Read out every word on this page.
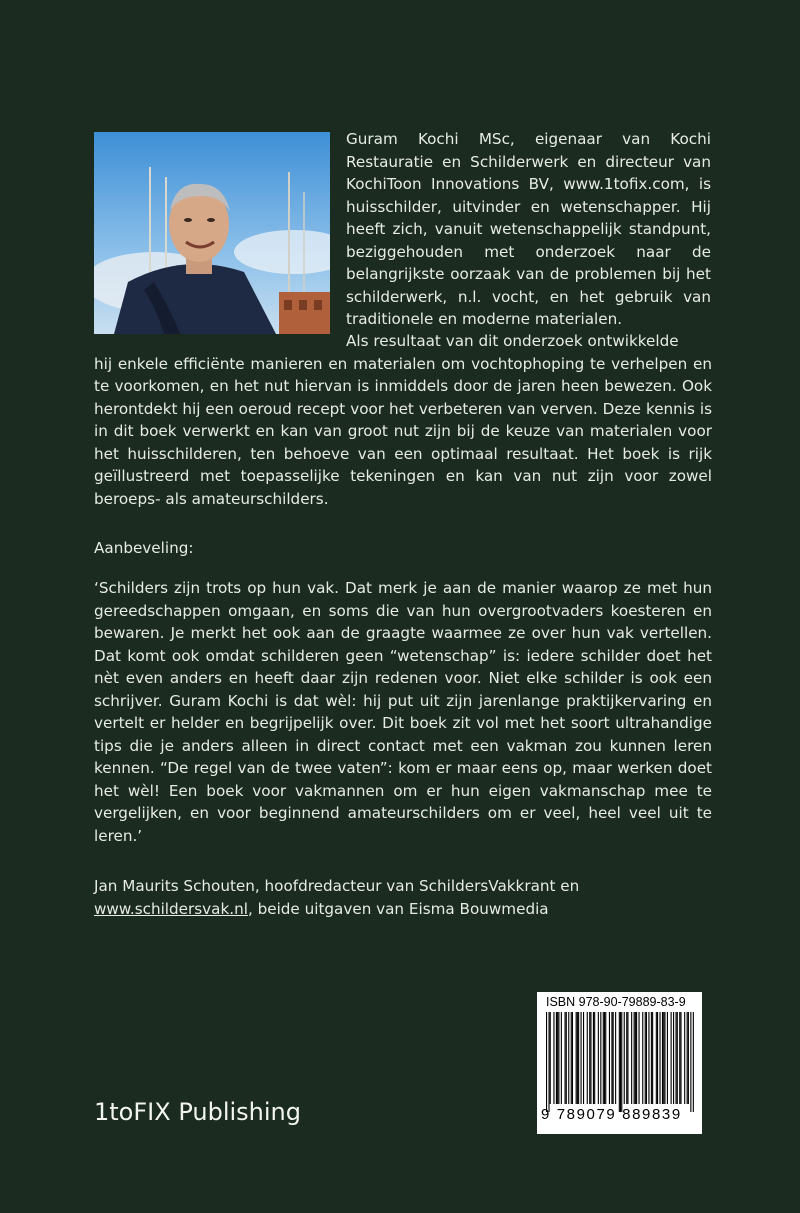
Guram Kochi MSc, eigenaar van Kochi Restauratie en Schilderwerk en directeur van KochiToon Innovations BV, www.1tofix.com, is huisschilder, uitvinder en wetenschapper. Hij heeft zich, vanuit wetenschappelijk standpunt, beziggehouden met onderzoek naar de belangrijkste oorzaak van de problemen bij het schilderwerk, n.l. vocht, en het gebruik van traditionele en moderne materialen.
Als resultaat van dit onderzoek ontwikkelde
hij enkele efficiënte manieren en materialen om vochtophoping te verhelpen en te voorkomen, en het nut hiervan is inmiddels door de jaren heen bewezen. Ook herontdekt hij een oeroud recept voor het verbeteren van verven. Deze kennis is in dit boek verwerkt en kan van groot nut zijn bij de keuze van materialen voor het huisschilderen, ten behoeve van een optimaal resultaat. Het boek is rijk geïllustreerd met toepasselijke tekeningen en kan van nut zijn voor zowel beroeps- als amateurschilders.
Aanbeveling:
‘Schilders zijn trots op hun vak. Dat merk je aan de manier waarop ze met hun gereedschappen omgaan, en soms die van hun overgrootvaders koesteren en bewaren. Je merkt het ook aan de graagte waarmee ze over hun vak vertellen. Dat komt ook omdat schilderen geen “wetenschap” is: iedere schilder doet het nèt even anders en heeft daar zijn redenen voor. Niet elke schilder is ook een schrijver. Guram Kochi is dat wèl: hij put uit zijn jarenlange praktijkervaring en vertelt er helder en begrijpelijk over. Dit boek zit vol met het soort ultrahandige tips die je anders alleen in direct contact met een vakman zou kunnen leren kennen. “De regel van de twee vaten”: kom er maar eens op, maar werken doet het wèl! Een boek voor vakmannen om er hun eigen vakmanschap mee te vergelijken, en voor beginnend amateurschilders om er veel, heel veel uit te leren.’
Jan Maurits Schouten, hoofdredacteur van SchildersVakkrant en
www.schildersvak.nl, beide uitgaven van Eisma Bouwmedia
1toFIX Publishing
ISBN 978-90-79889-83-9
9 789079 889839
